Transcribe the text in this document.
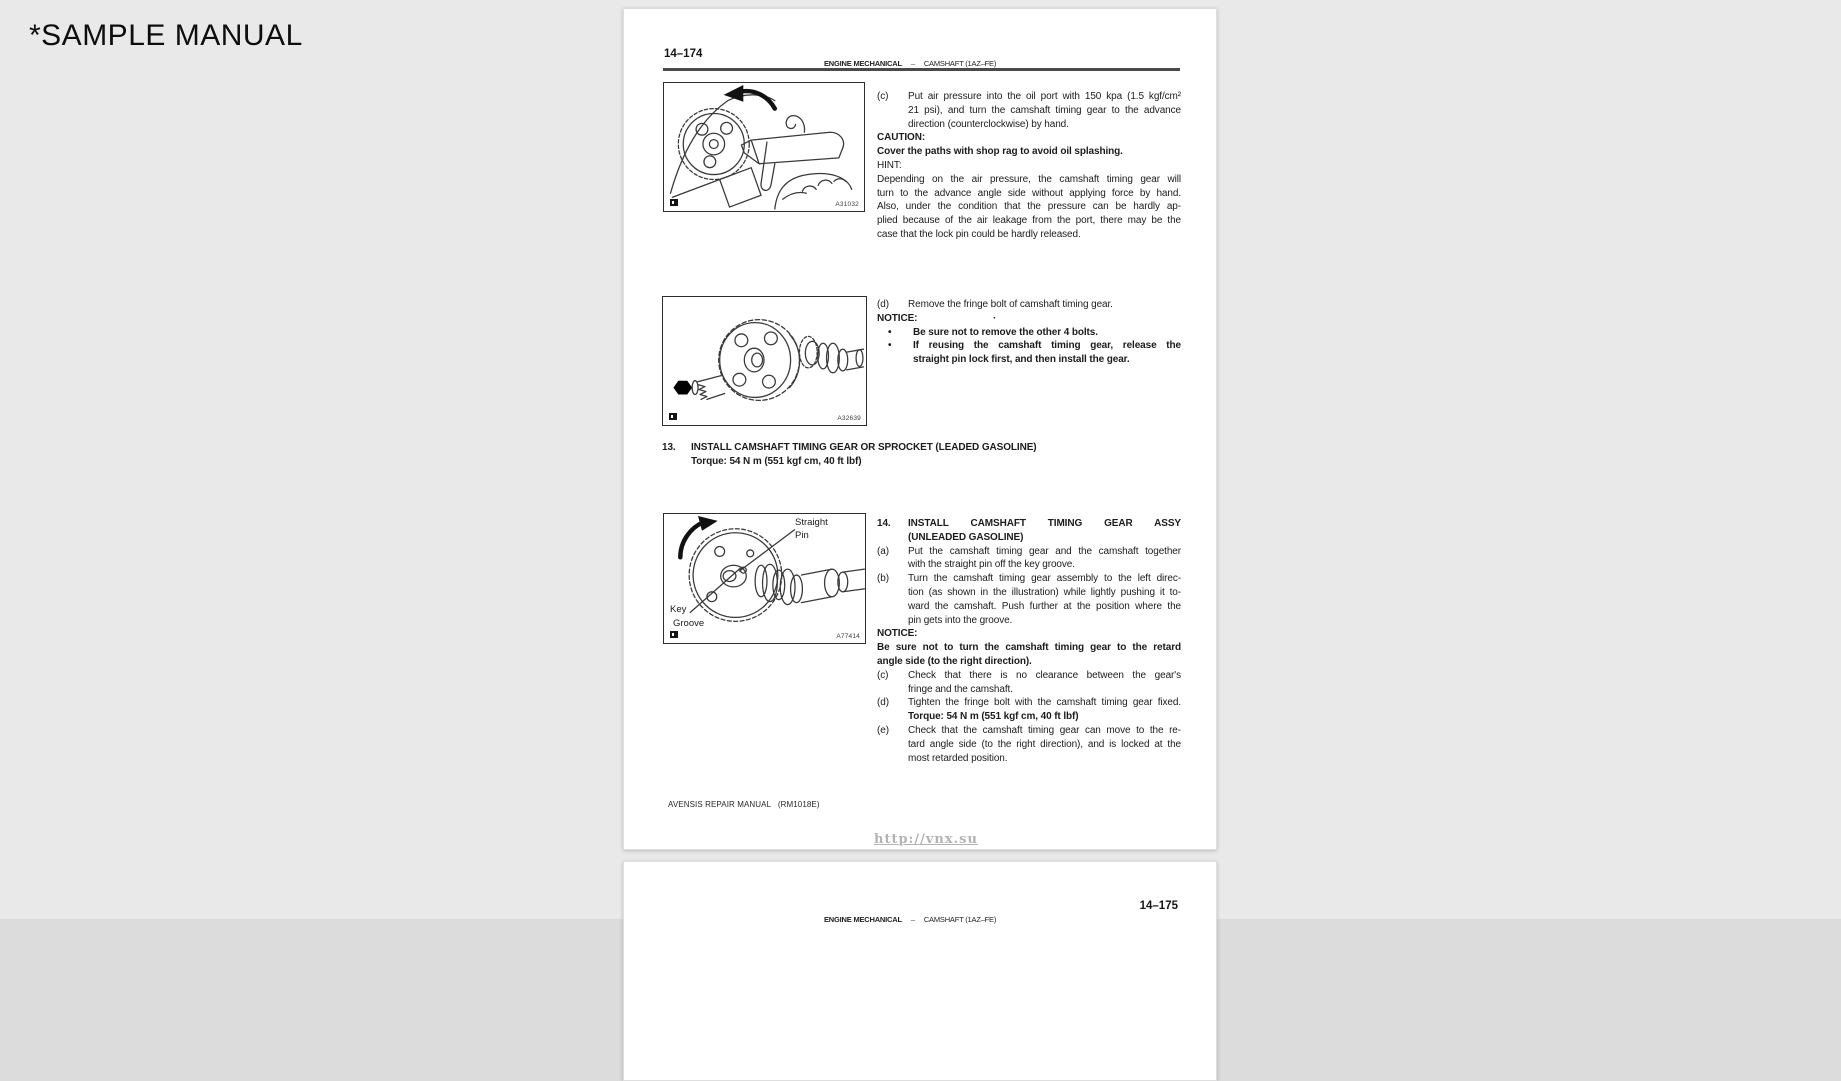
*SAMPLE MANUAL
14–174
ENGINE MECHANICAL – CAMSHAFT (1AZ–FE)
A31032
A32639
Straight
Pin
Key
Groove
A77414
(c) Put air pressure into the oil port with 150 kpa (1.5 kgf/cm²
21 psi), and turn the camshaft timing gear to the advance
direction (counterclockwise) by hand.
CAUTION:
Cover the paths with shop rag to avoid oil splashing.
HINT:
Depending on the air pressure, the camshaft timing gear will
turn to the advance angle side without applying force by hand.
Also, under the condition that the pressure can be hardly ap-
plied because of the air leakage from the port, there may be the
case that the lock pin could be hardly released.
(d) Remove the fringe bolt of camshaft timing gear.
NOTICE:	·
• Be sure not to remove the other 4 bolts.
• If reusing the camshaft timing gear, release the
straight pin lock first, and then install the gear.
13. INSTALL CAMSHAFT TIMING GEAR OR SPROCKET (LEADED GASOLINE)
Torque: 54 N m (551 kgf cm, 40 ft lbf)
14. INSTALL CAMSHAFT TIMING GEAR ASSY
(UNLEADED GASOLINE)
(a) Put the camshaft timing gear and the camshaft together
with the straight pin off the key groove.
(b) Turn the camshaft timing gear assembly to the left direc-
tion (as shown in the illustration) while lightly pushing it to-
ward the camshaft. Push further at the position where the
pin gets into the groove.
NOTICE:
Be sure not to turn the camshaft timing gear to the retard
angle side (to the right direction).
(c) Check that there is no clearance between the gear's
fringe and the camshaft.
(d) Tighten the fringe bolt with the camshaft timing gear fixed.
Torque: 54 N m (551 kgf cm, 40 ft lbf)
(e) Check that the camshaft timing gear can move to the re-
tard angle side (to the right direction), and is locked at the
most retarded position.
AVENSIS REPAIR MANUAL   (RM1018E)
http://vnx.su
14–175
ENGINE MECHANICAL – CAMSHAFT (1AZ–FE)
